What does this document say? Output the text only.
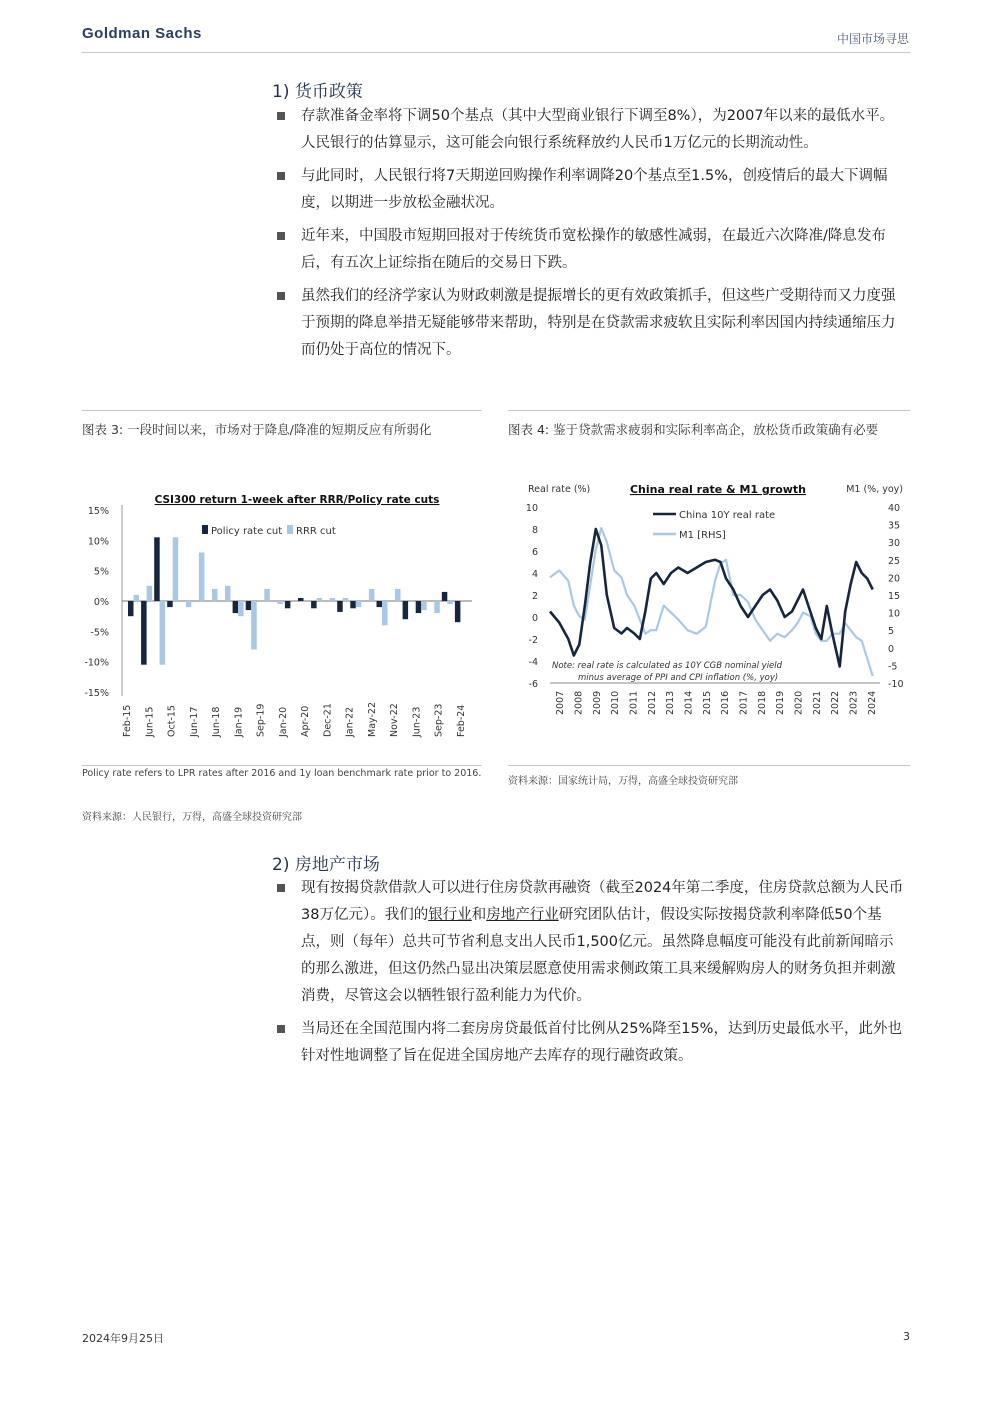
Goldman Sachs	中国市场寻思
1) 货币政策
存款准备金率将下调50个基点（其中大型商业银行下调至8%），为2007年以来的最低水平。人民银行的估算显示，这可能会向银行系统释放约人民币1万亿元的长期流动性。
与此同时，人民银行将7天期逆回购操作利率调降20个基点至1.5%，创疫情后的最大下调幅度，以期进一步放松金融状况。
近年来，中国股市短期回报对于传统货币宽松操作的敏感性减弱，在最近六次降准/降息发布后，有五次上证综指在随后的交易日下跌。
虽然我们的经济学家认为财政刺激是提振增长的更有效政策抓手，但这些广受期待而又力度强于预期的降息举措无疑能够带来帮助，特别是在贷款需求疲软且实际利率因国内持续通缩压力而仍处于高位的情况下。
图表 3: 一段时间以来，市场对于降息/降准的短期反应有所弱化
CSI300 return 1-week after RRR/Policy rate cuts
15%
10%
5%
0%
-5%
-10%
-15%
Feb-15 Jun-15 Oct-15 Jun-17 Jun-18 Jan-19 Sep-19 Jan-20 Apr-20 Dec-21 Jan-22 May-22 Nov-22 Jun-23 Sep-23 Feb-24
Policy rate cut RRR cut
Policy rate refers to LPR rates after 2016 and 1y loan benchmark rate prior to 2016.
资料来源：人民银行，万得，高盛全球投资研究部
图表 4: 鉴于贷款需求疲弱和实际利率高企，放松货币政策确有必要
Real rate (%)	China real rate & M1 growth	M1 (%, yoy)
10
8
6
4
2
0
-2
-4
-6
40
35
30
25
20
15
10
5
0
-5
-10
2007 2008 2009 2010 2011 2012 2013 2014 2015 2016 2017 2018 2019 2020 2021 2022 2023 2024
China 10Y real rate
M1 [RHS]
Note: real rate is calculated as 10Y CGB nominal yield
minus average of PPI and CPI inflation (%, yoy)
资料来源：国家统计局，万得，高盛全球投资研究部
2) 房地产市场
现有按揭贷款借款人可以进行住房贷款再融资（截至2024年第二季度，住房贷款总额为人民币38万亿元）。我们的银行业和房地产行业研究团队估计，假设实际按揭贷款利率降低50个基点，则（每年）总共可节省利息支出人民币1,500亿元。虽然降息幅度可能没有此前新闻暗示的那么激进，但这仍然凸显出决策层愿意使用需求侧政策工具来缓解购房人的财务负担并刺激消费，尽管这会以牺牲银行盈利能力为代价。
当局还在全国范围内将二套房房贷最低首付比例从25%降至15%，达到历史最低水平，此外也针对性地调整了旨在促进全国房地产去库存的现行融资政策。
2024年9月25日	3
